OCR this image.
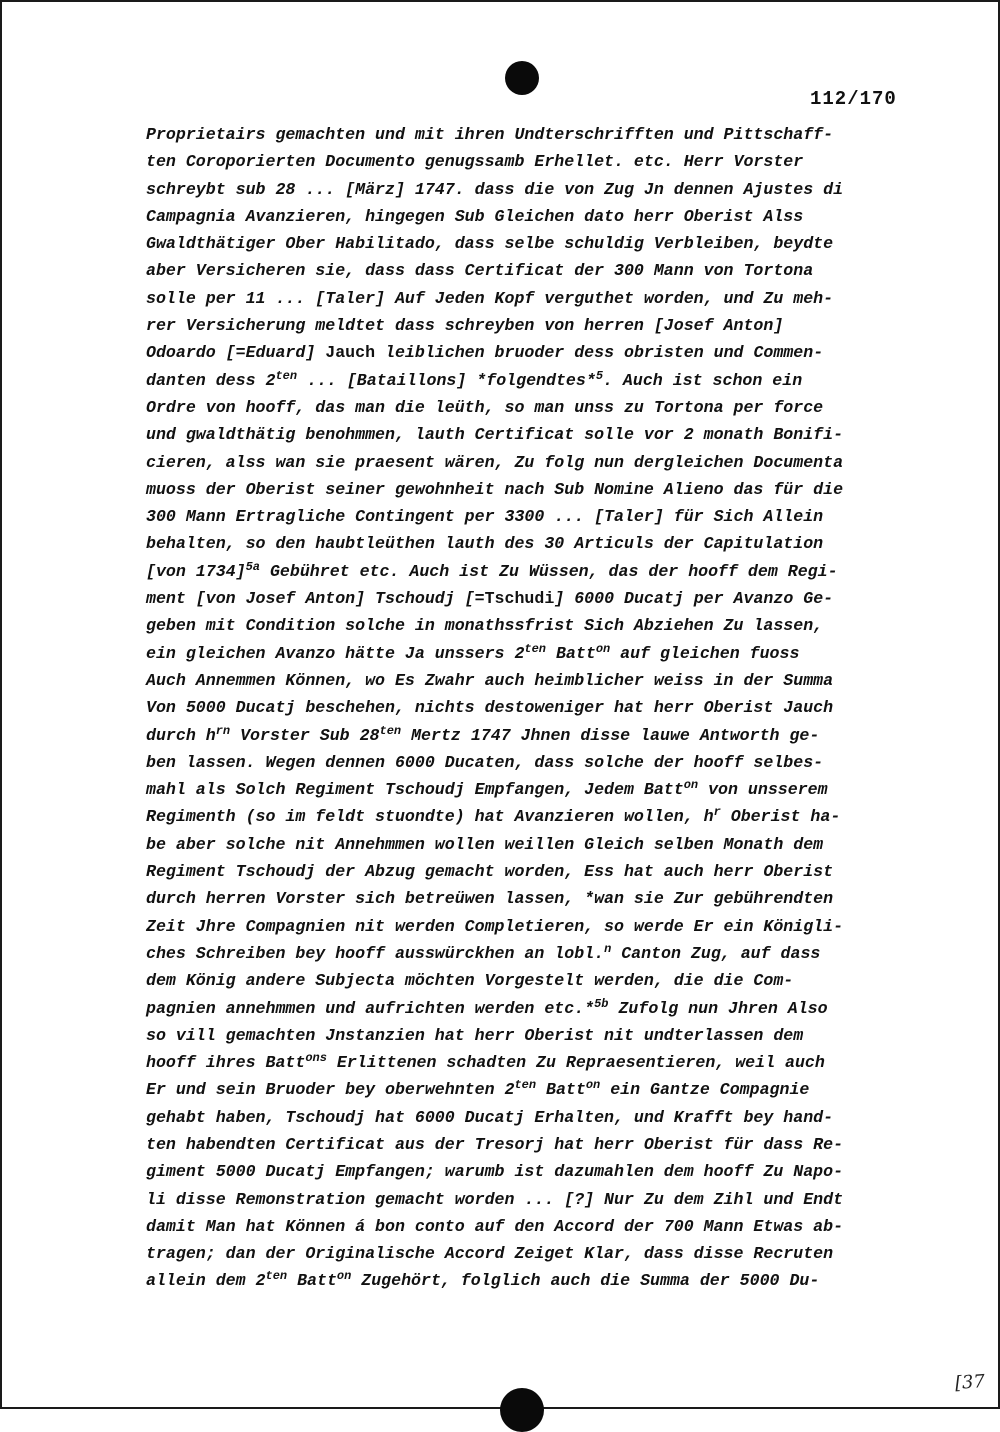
112/170
Proprietairs gemachten und mit ihren Undterschrifften und Pittschaff-
ten Coroporierten Documento genugssamb Erhellet. etc. Herr Vorster
schreybt sub 28 ... [März] 1747. dass die von Zug Jn dennen Ajustes di
Campagnia Avanzieren, hingegen Sub Gleichen dato herr Oberist Alss
Gwaldthätiger Ober Habilitado, dass selbe schuldig Verbleiben, beydte
aber Versicheren sie, dass dass Certificat der 300 Mann von Tortona
solle per 11 ... [Taler] Auf Jeden Kopf verguthet worden, und Zu meh-
rer Versicherung meldtet dass schreyben von herren [Josef Anton]
Odoardo [=Eduard] Jauch leiblichen bruoder dess obristen und Commen-
danten dess $2^{ten}$ ... [Bataillons] *folgendtes*$^5$. Auch ist schon ein
Ordre von hooff, das man die leüth, so man unss zu Tortona per force
und gwaldthätig benohmmen, lauth Certificat solle vor 2 monath Bonifi-
cieren, alss wan sie praesent wären, Zu folg nun dergleichen Documenta
muoss der Oberist seiner gewohnheit nach Sub Nomine Alieno das für die
300 Mann Ertragliche Contingent per 3300 ... [Taler] für Sich Allein
behalten, so den haubtleüthen lauth des 30 Articuls der Capitulation
[von 1734]$^{5a}$ Gebühret etc. Auch ist Zu Wüssen, das der hooff dem Regi-
ment [von Josef Anton] Tschoudj [=Tschudi] 6000 Ducatj per Avanzo Ge-
geben mit Condition solche in monathssfrist Sich Abziehen Zu lassen,
ein gleichen Avanzo hätte Ja unssers $2^{ten}$ Batt$^{on}$ auf gleichen fuoss
Auch Annemmen Können, wo Es Zwahr auch heimblicher weiss in der Summa
Von 5000 Ducatj beschehen, nichts destoweniger hat herr Oberist Jauch
durch $h^{rn}$ Vorster Sub $28^{ten}$ Mertz 1747 Jhnen disse lauwe Antworth ge-
ben lassen. Wegen dennen 6000 Ducaten, dass solche der hooff selbes-
mahl als Solch Regiment Tschoudj Empfangen, Jedem Batt$^{on}$ von unsserem
Regimenth (so im feldt stuondte) hat Avanzieren wollen, $h^r$ Oberist ha-
be aber solche nit Annehmmen wollen weillen Gleich selben Monath dem
Regiment Tschoudj der Abzug gemacht worden, Ess hat auch herr Oberist
durch herren Vorster sich betreüwen lassen, *wan sie Zur gebührendten
Zeit Jhre Compagnien nit werden Completieren, so werde Er ein Königli-
ches Schreiben bey hooff ausswürckhen an lobl.$^n$ Canton Zug, auf dass
dem König andere Subjecta möchten Vorgestelt werden, die die Com-
pagnien annehmmen und aufrichten werden etc.*$^{5b}$ Zufolg nun Jhren Also
so vill gemachten Jnstanzien hat herr Oberist nit undterlassen dem
hooff ihres Batt$^{ons}$ Erlittenen schadten Zu Repraesentieren, weil auch
Er und sein Bruoder bey oberwehnten $2^{ten}$ Batt$^{on}$ ein Gantze Compagnie
gehabt haben, Tschoudj hat 6000 Ducatj Erhalten, und Krafft bey hand-
ten habendten Certificat aus der Tresorj hat herr Oberist für dass Re-
giment 5000 Ducatj Empfangen; warumb ist dazumahlen dem hooff Zu Napo-
li disse Remonstration gemacht worden ... [?] Nur Zu dem Zihl und Endt
damit Man hat Können á bon conto auf den Accord der 700 Mann Etwas ab-
tragen; dan der Originalische Accord Zeiget Klar, dass disse Recruten
allein dem $2^{ten}$ Batt$^{on}$ Zugehört, folglich auch die Summa der 5000 Du-
[37
